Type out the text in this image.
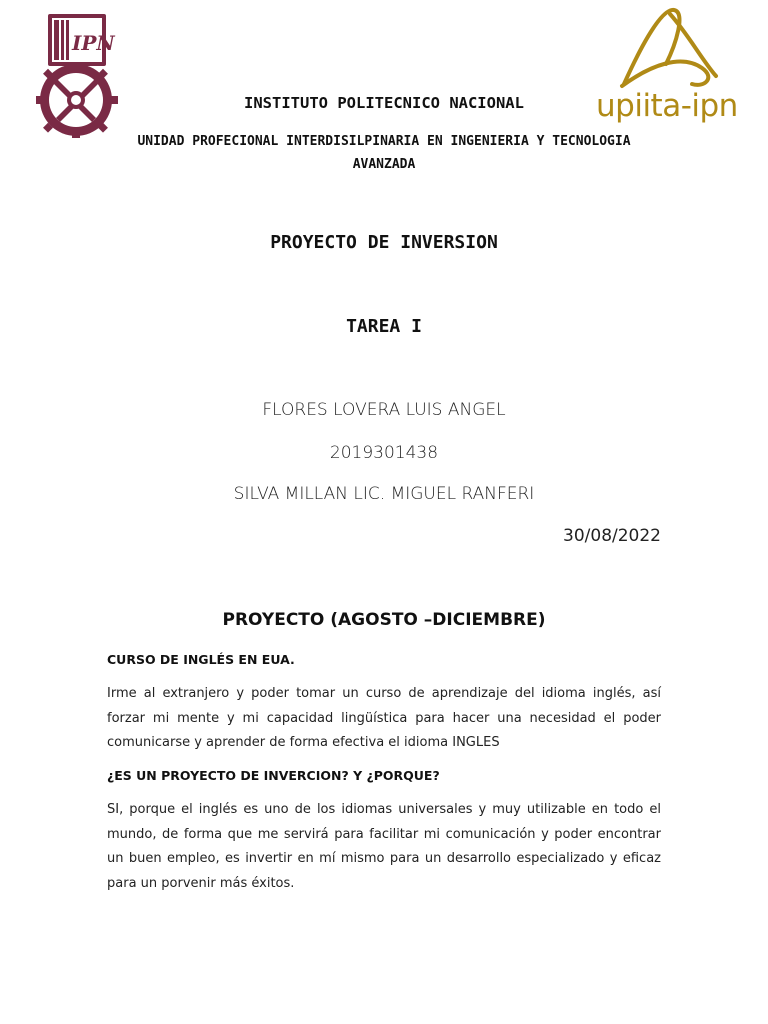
IPN
upiita-ipn
INSTITUTO POLITECNICO NACIONAL
UNIDAD PROFECIONAL INTERDISILPINARIA EN INGENIERIA Y TECNOLOGIA AVANZADA
PROYECTO DE INVERSION
TAREA I
FLORES LOVERA LUIS ANGEL
2019301438
SILVA MILLAN LIC. MIGUEL RANFERI
30/08/2022
PROYECTO (AGOSTO –DICIEMBRE)
CURSO DE INGLÉS EN EUA.

Irme al extranjero y poder tomar un curso de aprendizaje del idioma inglés, así forzar mi mente y mi capacidad lingüística para hacer una necesidad el poder comunicarse y aprender de forma efectiva el idioma INGLES

¿ES UN PROYECTO DE INVERCION? Y ¿PORQUE?

SI, porque el inglés es uno de los idiomas universales y muy utilizable en todo el mundo, de forma que me servirá para facilitar mi comunicación y poder encontrar un buen empleo, es invertir en mí mismo para un desarrollo especializado y eficaz para un porvenir más éxitos.
